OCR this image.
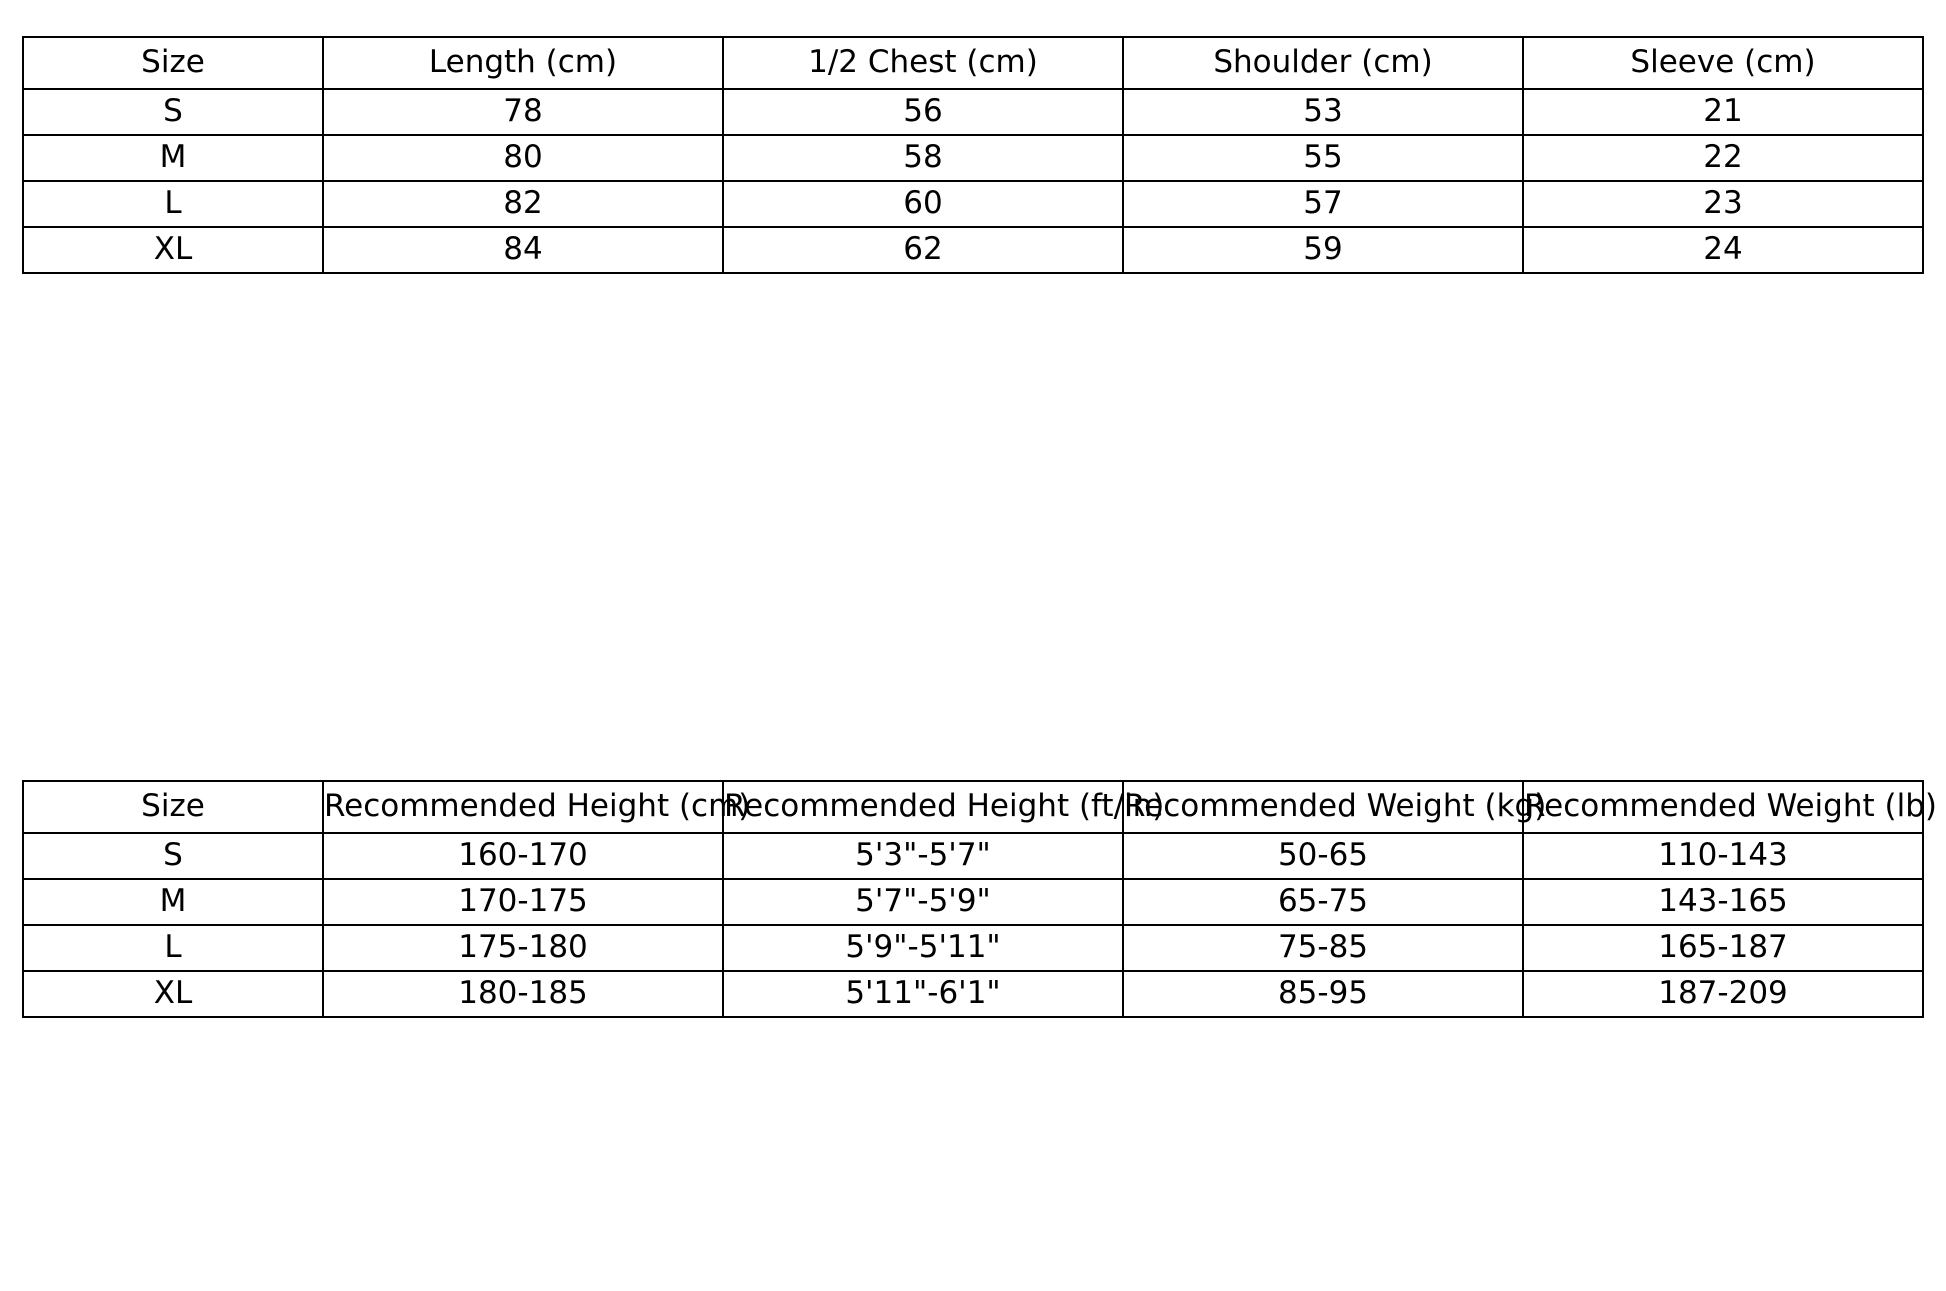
Size	Length (cm)	1/2 Chest (cm)	Shoulder (cm)	Sleeve (cm)
S	78	56	53	21
M	80	58	55	22
L	82	60	57	23
XL	84	62	59	24
Size	Recommended Height (cm)	Recommended Height (ft/in)	Recommended Weight (kg)	Recommended Weight (lb)
S	160-170	5'3"-5'7"	50-65	110-143
M	170-175	5'7"-5'9"	65-75	143-165
L	175-180	5'9"-5'11"	75-85	165-187
XL	180-185	5'11"-6'1"	85-95	187-209
